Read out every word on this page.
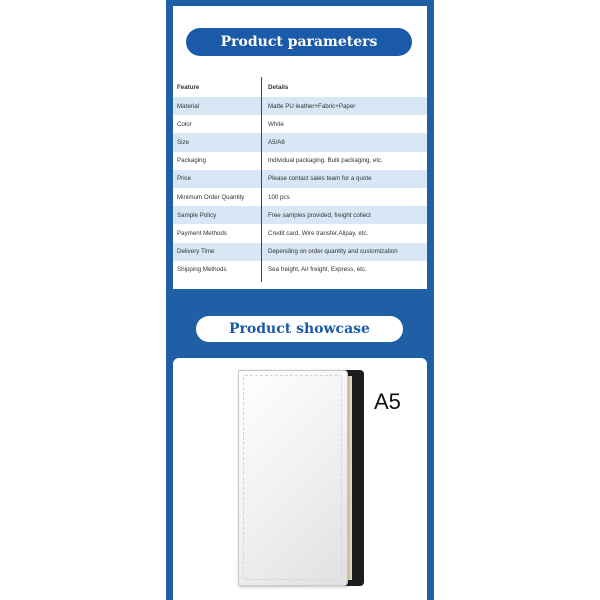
Product parameters
Feature	Details
Material	Matte PU leather+Fabric+Paper
Color	White
Size	A5/A6
Packaging	Individual packaging. Bulk packaging, etc.
Price	Please contact sales team for a quote
Minimum Order Quantity	100 pcs
Sample Policy	Free samples provided, freight collect
Payment Methods	Credit card, Wire transfer,Alipay, etc.
Delivery Time	Depending on order quantity and customization
Shipping Methods	Sea freight, Air freight, Express, etc.
Product showcase
A5
